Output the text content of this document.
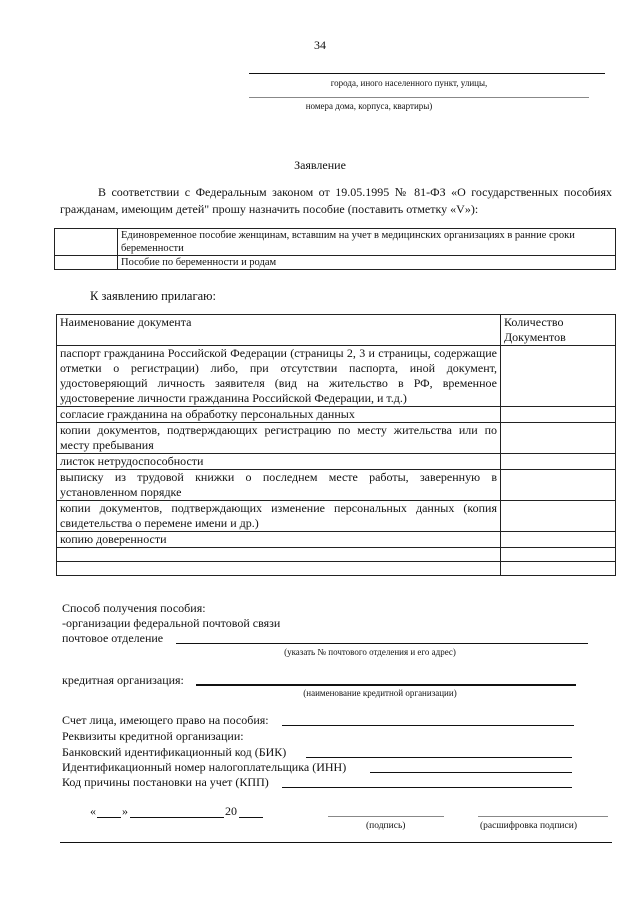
34
города, иного населенного пункт, улицы,
номера дома, корпуса, квартиры)
Заявление

В соответствии с Федеральным законом от 19.05.1995 № 81-ФЗ «О государственных пособиях гражданам, имеющим детей" прошу назначить пособие (поставить отметку «V»):

	Единовременное пособие женщинам, вставшим на учет в медицинских организациях в ранние сроки беременности
	Пособие по беременности и родам
К заявлению прилагаю:
Наименование документа	Количество Документов
паспорт гражданина Российской Федерации (страницы 2, 3 и страницы, содержащие отметки о регистрации) либо, при отсутствии паспорта, иной документ, удостоверяющий личность заявителя (вид на жительство в РФ, временное удостоверение личности гражданина Российской Федерации, и т.д.)	
согласие гражданина на обработку персональных данных	
копии документов, подтверждающих регистрацию по месту жительства или по месту пребывания	
листок нетрудоспособности	
выписку из трудовой книжки о последнем месте работы, заверенную в установленном порядке	
копии документов, подтверждающих изменение персональных данных (копия свидетельства о перемене имени и др.)	
копию доверенности	

Способ получения пособия:
-организации федеральной почтовой связи
почтовое отделение
(указать № почтового отделения и его адрес)
кредитная организация:
(наименование кредитной организации)
Счет лица, имеющего право на пособия:
Реквизиты кредитной организации:
Банковский идентификационный код (БИК)
Идентификационный номер налогоплательщика (ИНН)
Код причины постановки на учет (КПП)
« »	20
(подпись)	(расшифровка подписи)
